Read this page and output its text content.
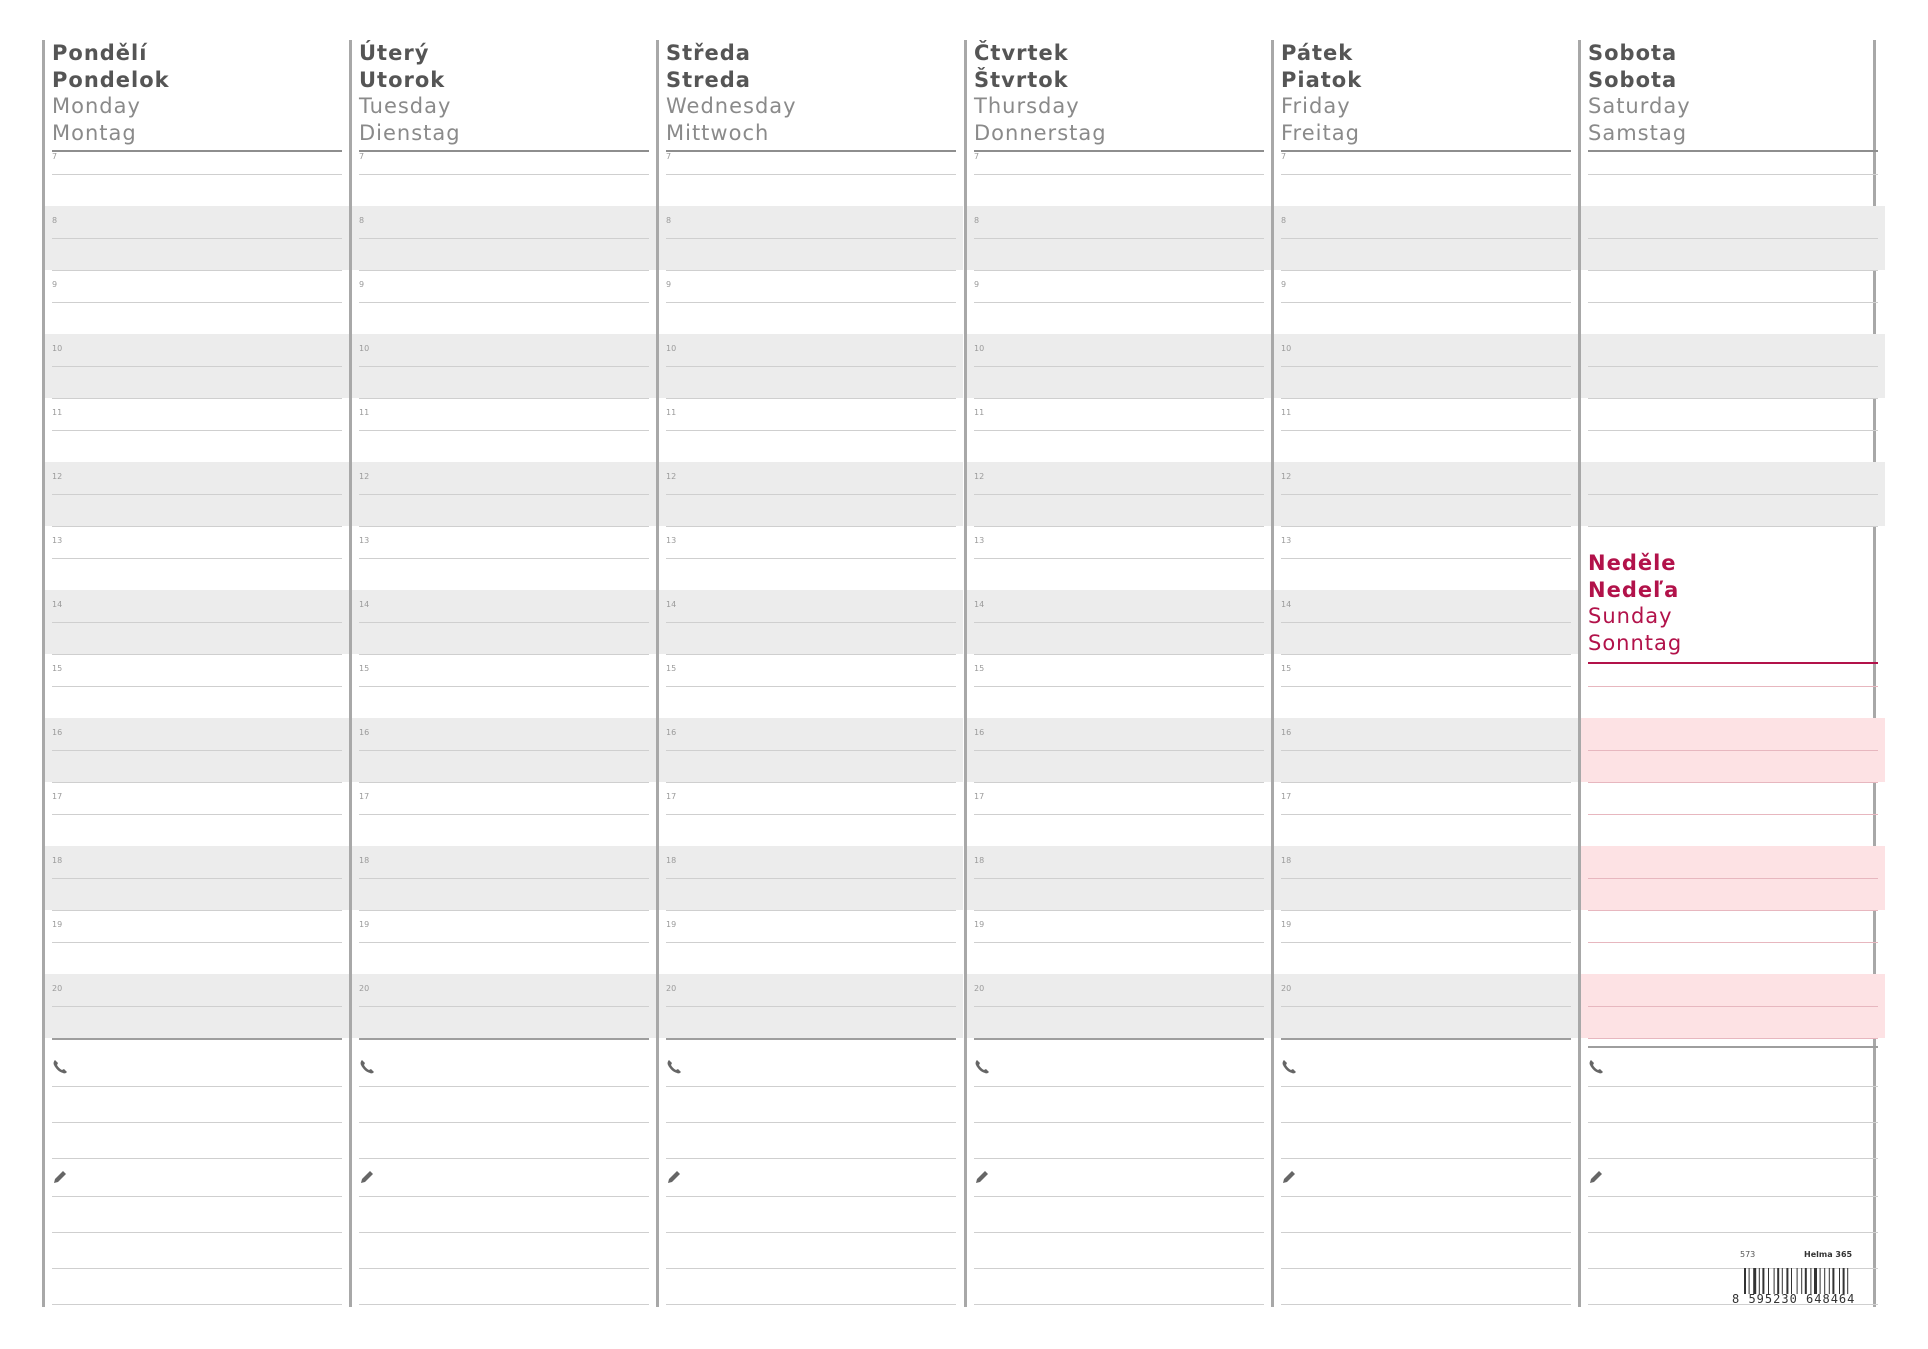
Pondělí
Pondelok
Monday
Montag
7
8
9
10
11
12
13
14
15
16
17
18
19
20
Úterý
Utorok
Tuesday
Dienstag
7
8
9
10
11
12
13
14
15
16
17
18
19
20
Středa
Streda
Wednesday
Mittwoch
7
8
9
10
11
12
13
14
15
16
17
18
19
20
Čtvrtek
Štvrtok
Thursday
Donnerstag
7
8
9
10
11
12
13
14
15
16
17
18
19
20
Pátek
Piatok
Friday
Freitag
7
8
9
10
11
12
13
14
15
16
17
18
19
20
Sobota
Sobota
Saturday
Samstag
Neděle
Nedeľa
Sunday
Sonntag
573	Helma 365
8 595230 648464
